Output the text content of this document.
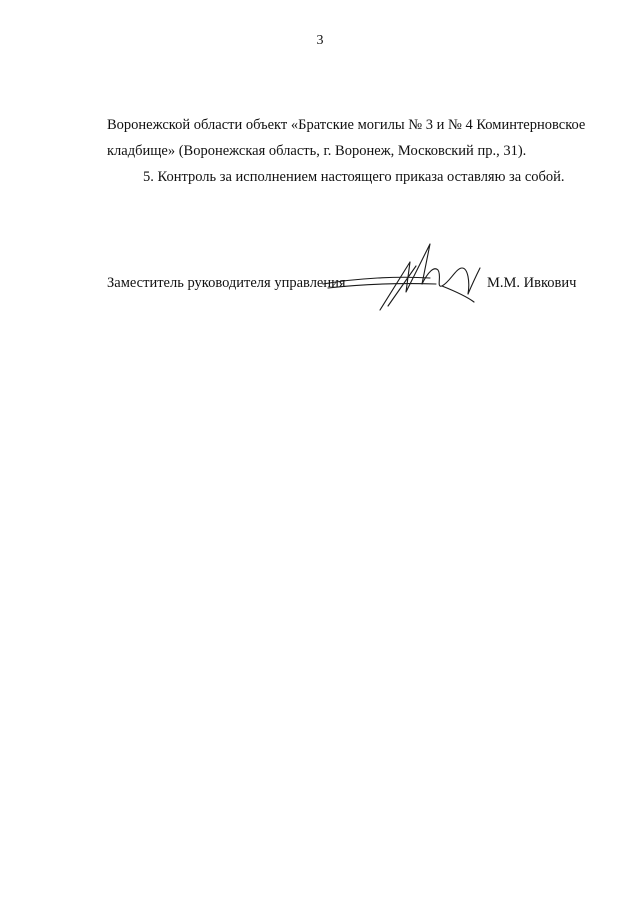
3
Воронежской области объект «Братские могилы № 3 и № 4 Коминтерновское
кладбище» (Воронежская область, г. Воронеж, Московский пр., 31).
5. Контроль за исполнением настоящего приказа оставляю за собой.
Заместитель руководителя управления	М.М. Ивкович
